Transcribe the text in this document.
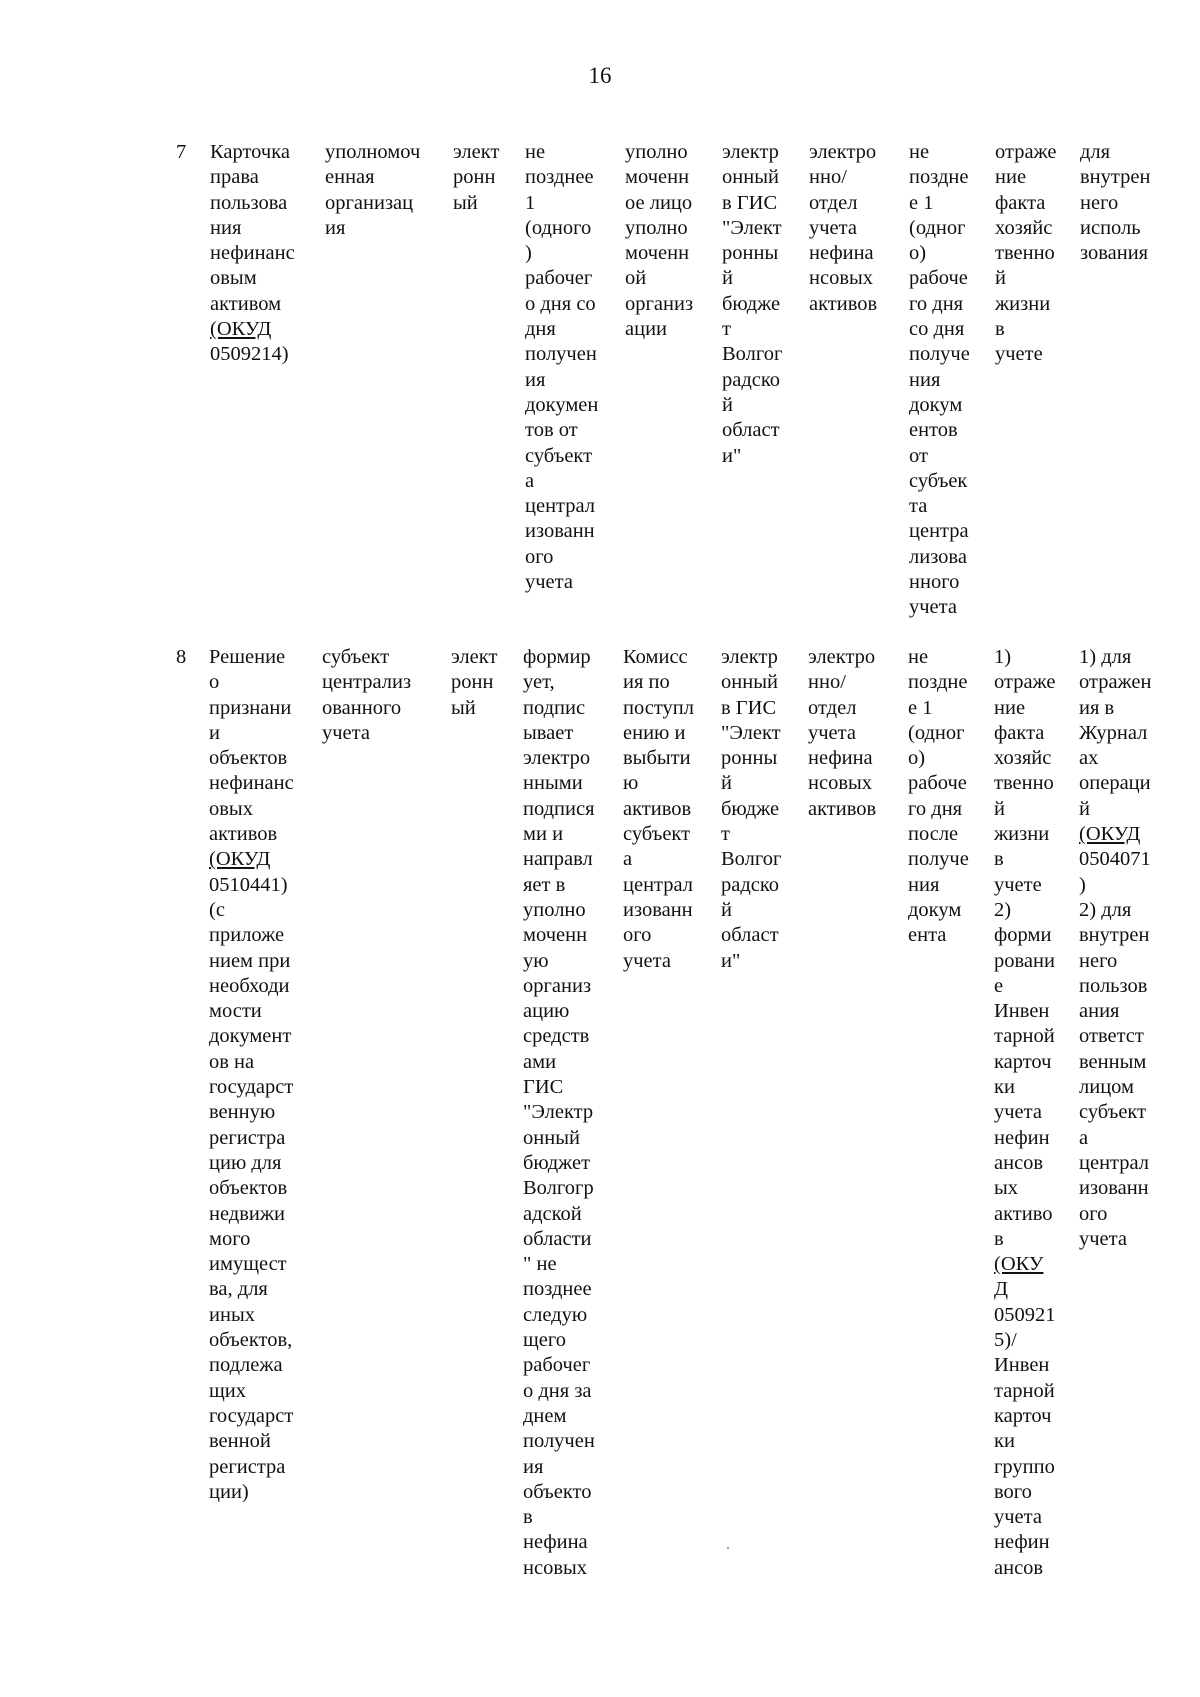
16
7 Карточка
права
пользова
ния
нефинанс
овым
активом
(ОКУД
0509214)
уполномоч
енная
организац
ия
элект
ронн
ый
не
позднее
1
(одного
)
рабочег
о дня со
дня
получен
ия
докумен
тов от
субъект
а
централ
изованн
ого
учета
уполно
моченн
ое лицо
уполно
моченн
ой
организ
ации
электр
онный
в ГИС
"Элект
ронны
й
бюдже
т
Волгог
радско
й
област
и"
электро
нно/
отдел
учета
нефина
нсовых
активов
не
поздне
е 1
(одног
о)
рабоче
го дня
со дня
получе
ния
докум
ентов
от
субъек
та
центра
лизова
нного
учета
отраже
ние
факта
хозяйс
твенно
й
жизни
в
учете
для
внутрен
него
исполь
зования
8 Решение
о
признани
и
объектов
нефинанс
овых
активов
(ОКУД
0510441)
(с
приложе
нием при
необходи
мости
документ
ов на
государст
венную
регистра
цию для
объектов
недвижи
мого
имущест
ва, для
иных
объектов,
подлежа
щих
государст
венной
регистра
ции)
субъект
централиз
ованного
учета
элект
ронн
ый
формир
ует,
подпис
ывает
электро
нными
подпися
ми и
направл
яет в
уполно
моченн
ую
организ
ацию
средств
ами
ГИС
"Электр
онный
бюджет
Волгогр
адской
области
" не
позднее
следую
щего
рабочег
о дня за
днем
получен
ия
объекто
в
нефина
нсовых
Комисс
ия по
поступл
ению и
выбыти
ю
активов
субъект
а
централ
изованн
ого
учета
электр
онный
в ГИС
"Элект
ронны
й
бюдже
т
Волгог
радско
й
област
и"
электро
нно/
отдел
учета
нефина
нсовых
активов
не
поздне
е 1
(одног
о)
рабоче
го дня
после
получе
ния
докум
ента
1)
отраже
ние
факта
хозяйс
твенно
й
жизни
в
учете
2)
форми
ровани
е
Инвен
тарной
карточ
ки
учета
нефин
ансов
ых
активо
в
(ОКУ
Д
050921
5)/
Инвен
тарной
карточ
ки
группо
вого
учета
нефин
ансов
1) для
отражен
ия в
Журнал
ах
операци
й
(ОКУД
0504071
)
2) для
внутрен
него
пользов
ания
ответст
венным
лицом
субъект
а
централ
изованн
ого
учета
